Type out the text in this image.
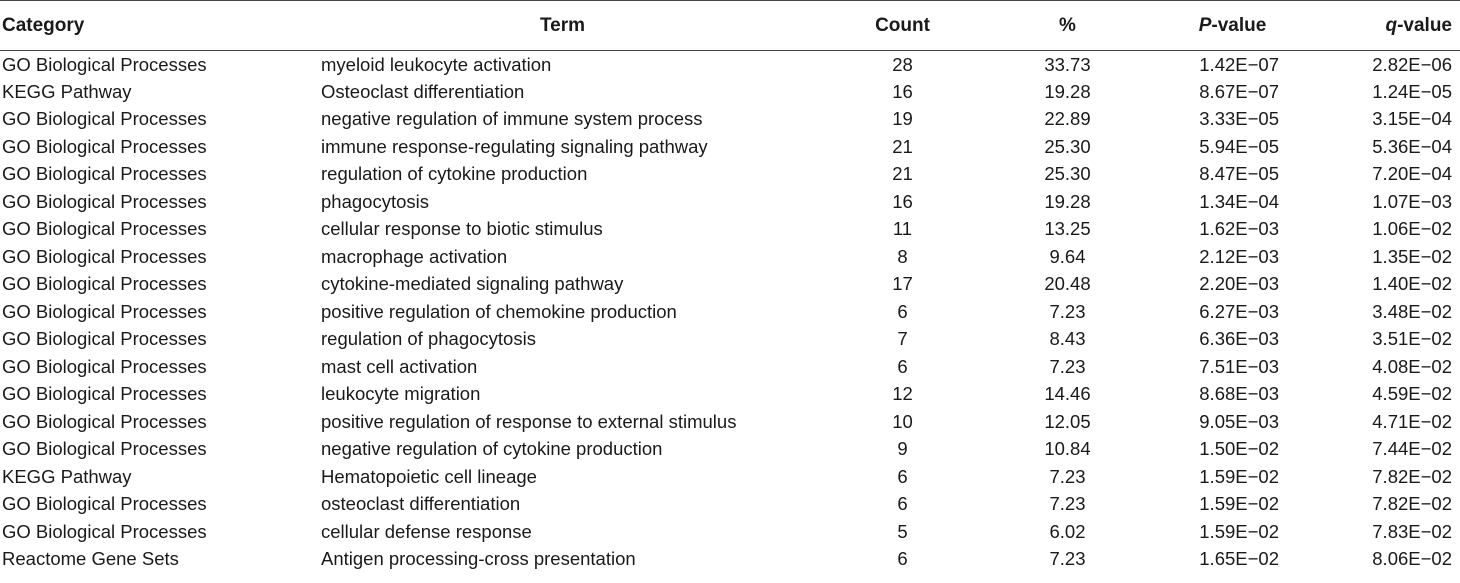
Category	Term	Count	%	P-value	q-value
GO Biological Processes	myeloid leukocyte activation	28	33.73	1.42E−07	2.82E−06
KEGG Pathway	Osteoclast differentiation	16	19.28	8.67E−07	1.24E−05
GO Biological Processes	negative regulation of immune system process	19	22.89	3.33E−05	3.15E−04
GO Biological Processes	immune response-regulating signaling pathway	21	25.30	5.94E−05	5.36E−04
GO Biological Processes	regulation of cytokine production	21	25.30	8.47E−05	7.20E−04
GO Biological Processes	phagocytosis	16	19.28	1.34E−04	1.07E−03
GO Biological Processes	cellular response to biotic stimulus	11	13.25	1.62E−03	1.06E−02
GO Biological Processes	macrophage activation	8	9.64	2.12E−03	1.35E−02
GO Biological Processes	cytokine-mediated signaling pathway	17	20.48	2.20E−03	1.40E−02
GO Biological Processes	positive regulation of chemokine production	6	7.23	6.27E−03	3.48E−02
GO Biological Processes	regulation of phagocytosis	7	8.43	6.36E−03	3.51E−02
GO Biological Processes	mast cell activation	6	7.23	7.51E−03	4.08E−02
GO Biological Processes	leukocyte migration	12	14.46	8.68E−03	4.59E−02
GO Biological Processes	positive regulation of response to external stimulus	10	12.05	9.05E−03	4.71E−02
GO Biological Processes	negative regulation of cytokine production	9	10.84	1.50E−02	7.44E−02
KEGG Pathway	Hematopoietic cell lineage	6	7.23	1.59E−02	7.82E−02
GO Biological Processes	osteoclast differentiation	6	7.23	1.59E−02	7.82E−02
GO Biological Processes	cellular defense response	5	6.02	1.59E−02	7.83E−02
Reactome Gene Sets	Antigen processing-cross presentation	6	7.23	1.65E−02	8.06E−02
